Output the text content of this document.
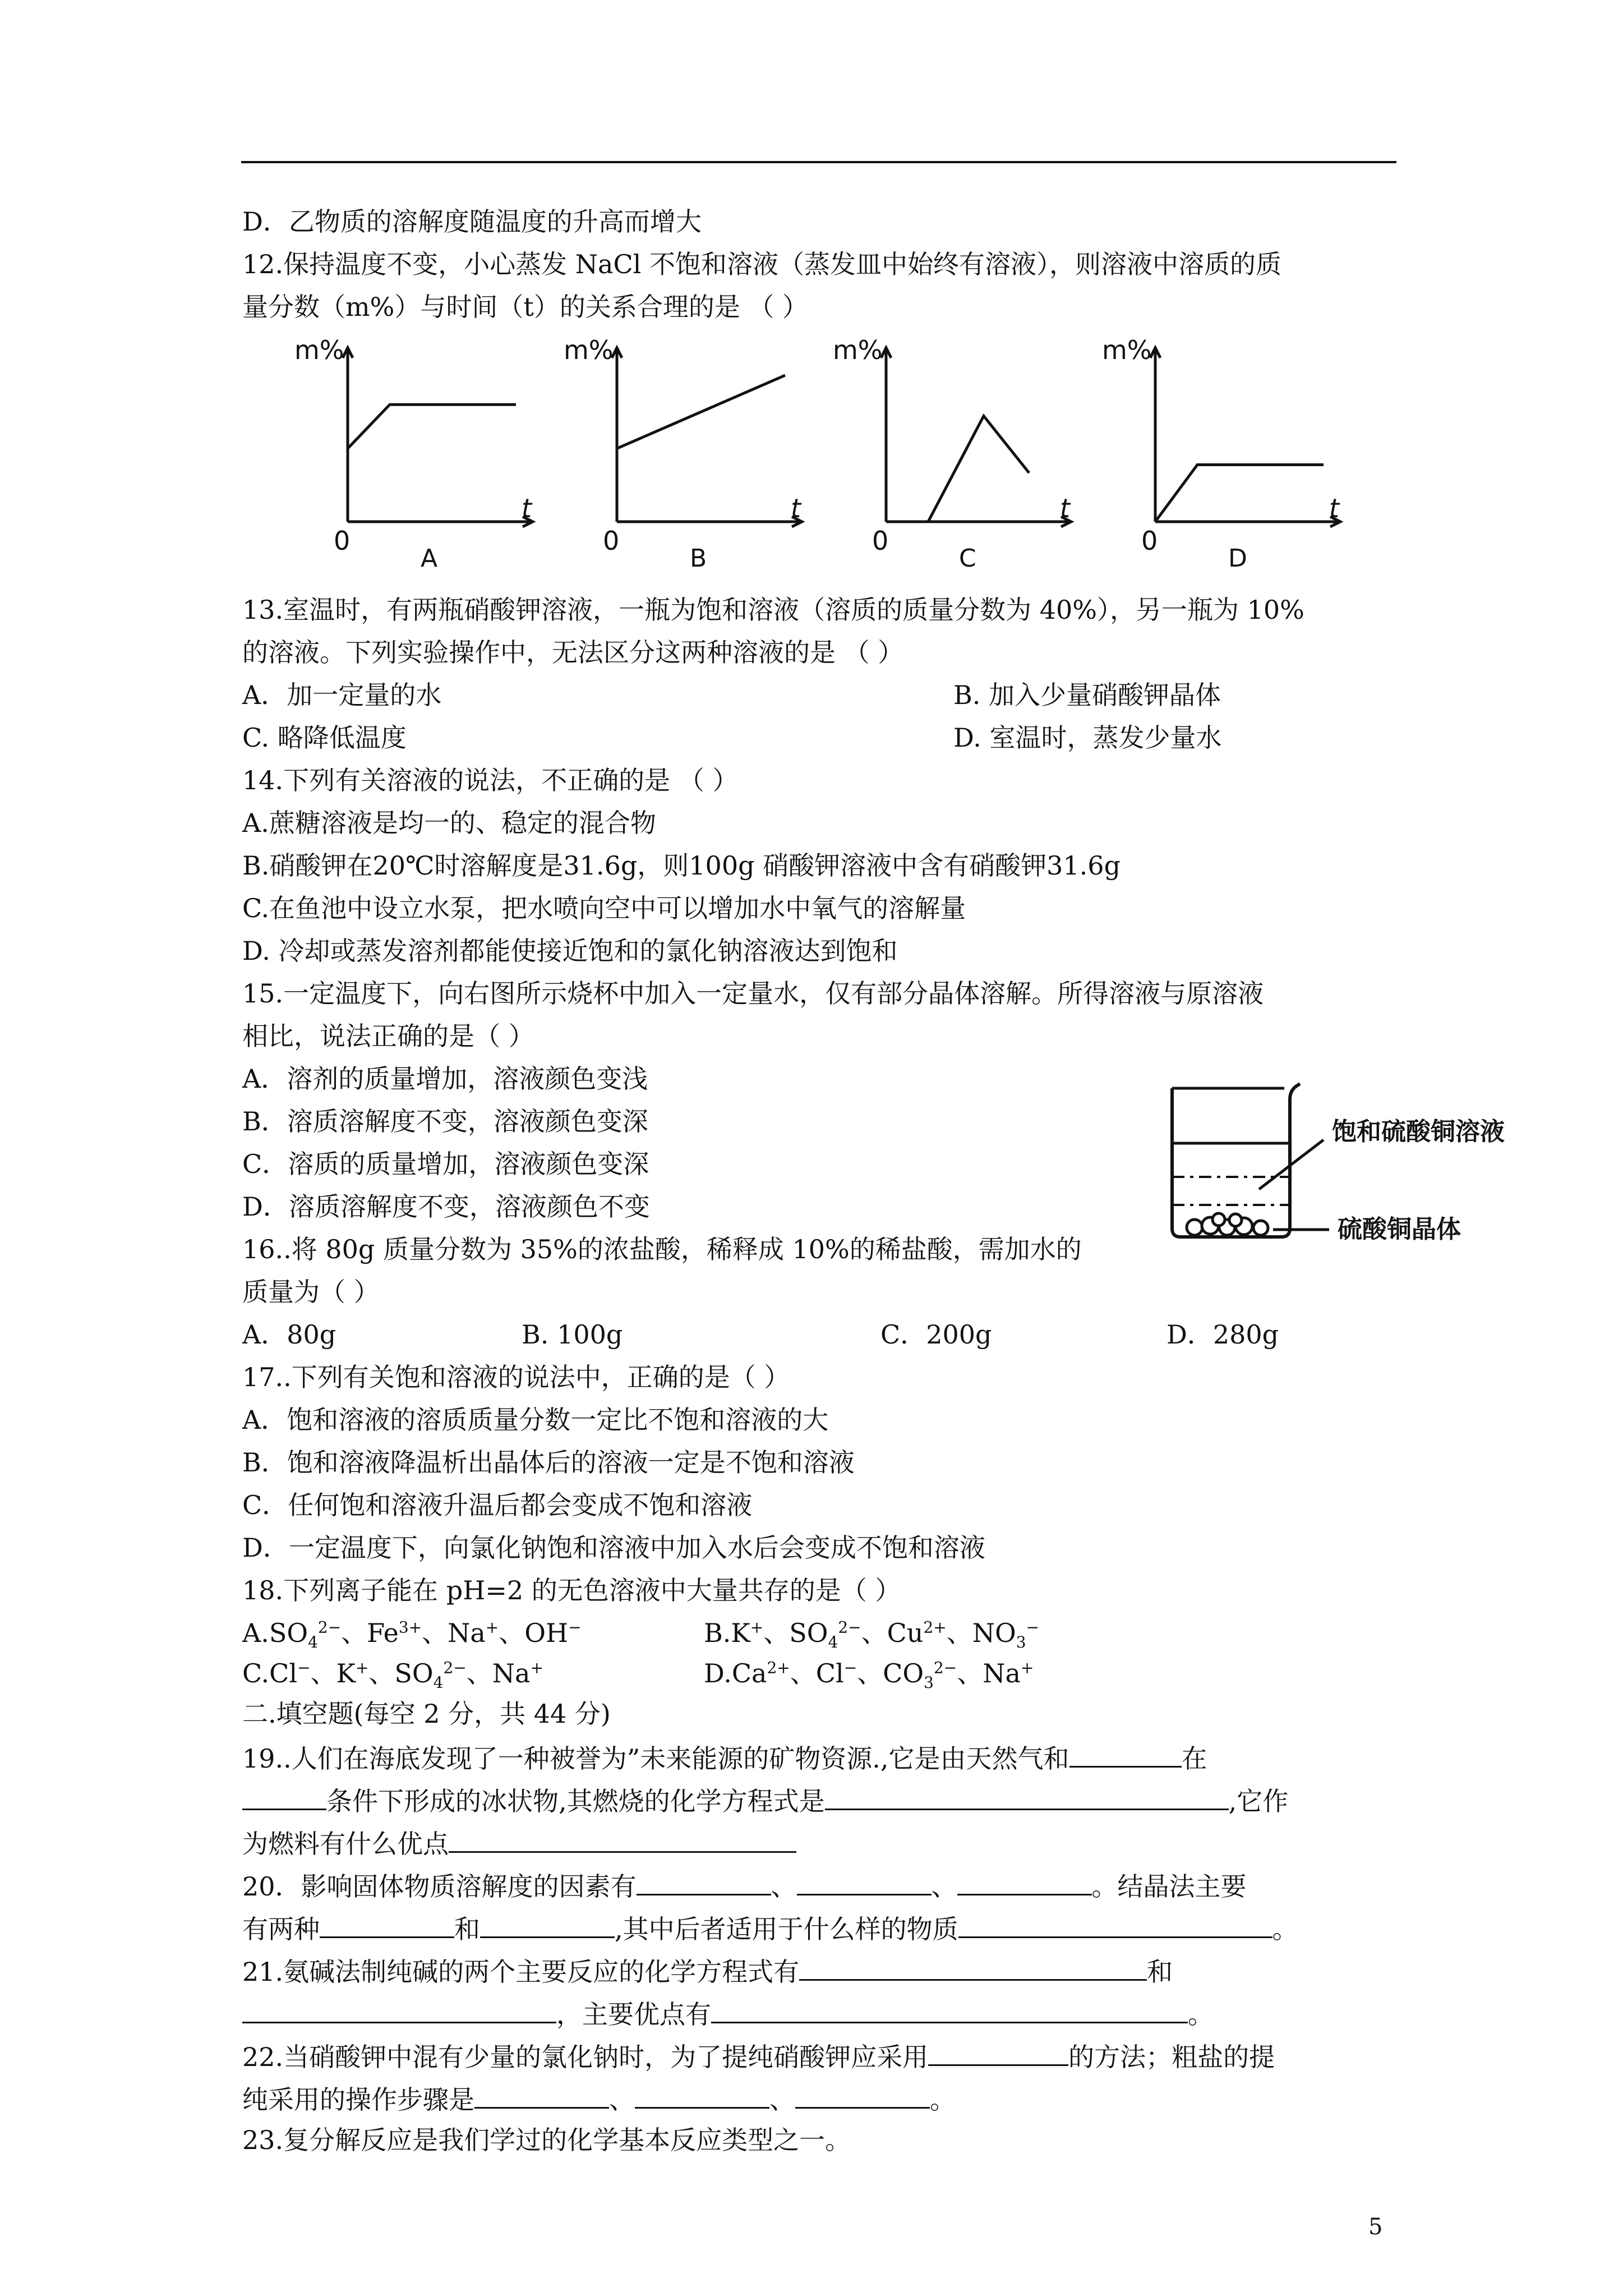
D．乙物质的溶解度随温度的升高而增大
12.保持温度不变，小心蒸发 NaCl 不饱和溶液（蒸发皿中始终有溶液），则溶液中溶质的质
量分数（m%）与时间（t）的关系合理的是 （ ）
m%
0
t
A
m%
0
t
B
m%
0
t
C
m%
0
t
D
13.室温时，有两瓶硝酸钾溶液，一瓶为饱和溶液（溶质的质量分数为 40%），另一瓶为 10%
的溶液。下列实验操作中，无法区分这两种溶液的是 （ ）
A．加一定量的水	B. 加入少量硝酸钾晶体
C. 略降低温度	D. 室温时，蒸发少量水
14.下列有关溶液的说法，不正确的是 （ ）
A.蔗糖溶液是均一的、稳定的混合物
B.硝酸钾在20℃时溶解度是31.6g，则100g 硝酸钾溶液中含有硝酸钾31.6g
C.在鱼池中设立水泵，把水喷向空中可以增加水中氧气的溶解量
D. 冷却或蒸发溶剂都能使接近饱和的氯化钠溶液达到饱和
15.一定温度下，向右图所示烧杯中加入一定量水，仅有部分晶体溶解。所得溶液与原溶液
相比，说法正确的是（ ）
A．溶剂的质量增加，溶液颜色变浅
B．溶质溶解度不变，溶液颜色变深
C．溶质的质量增加，溶液颜色变深
D．溶质溶解度不变，溶液颜色不变
饱和硫酸铜溶液
硫酸铜晶体
16..将 80g 质量分数为 35%的浓盐酸，稀释成 10%的稀盐酸，需加水的
质量为（ ）
A．80g	B. 100g	C．200g	D．280g
17..下列有关饱和溶液的说法中，正确的是（ ）
A．饱和溶液的溶质质量分数一定比不饱和溶液的大
B．饱和溶液降温析出晶体后的溶液一定是不饱和溶液
C．任何饱和溶液升温后都会变成不饱和溶液
D．一定温度下，向氯化钠饱和溶液中加入水后会变成不饱和溶液
18.下列离子能在 pH=2 的无色溶液中大量共存的是（ ）
$A.SO_4^{2-}$、$Fe^{3+}$、Na+、OH−	B.K+、$SO_4^{2-}$、$Cu^{2+}$、$NO_3^-$
C.Cl−、K+、$SO_4^{2-}$、Na+	$D.Ca^{2+}$、Cl−、$CO_3^{2-}$、Na+
二.填空题(每空 2 分，共 44 分)
19..人们在海底发现了一种被誉为”未来能源的矿物资源.,它是由天然气和	在
条件下形成的冰状物,其燃烧的化学方程式是	,它作
为燃料有什么优点
20．影响固体物质溶解度的因素有	、	、	。结晶法主要
有两种	和	,其中后者适用于什么样的物质	。
21.氨碱法制纯碱的两个主要反应的化学方程式有	和
，主要优点有	。
22.当硝酸钾中混有少量的氯化钠时，为了提纯硝酸钾应采用	的方法；粗盐的提
纯采用的操作步骤是	、	、	。
23.复分解反应是我们学过的化学基本反应类型之一。
5
